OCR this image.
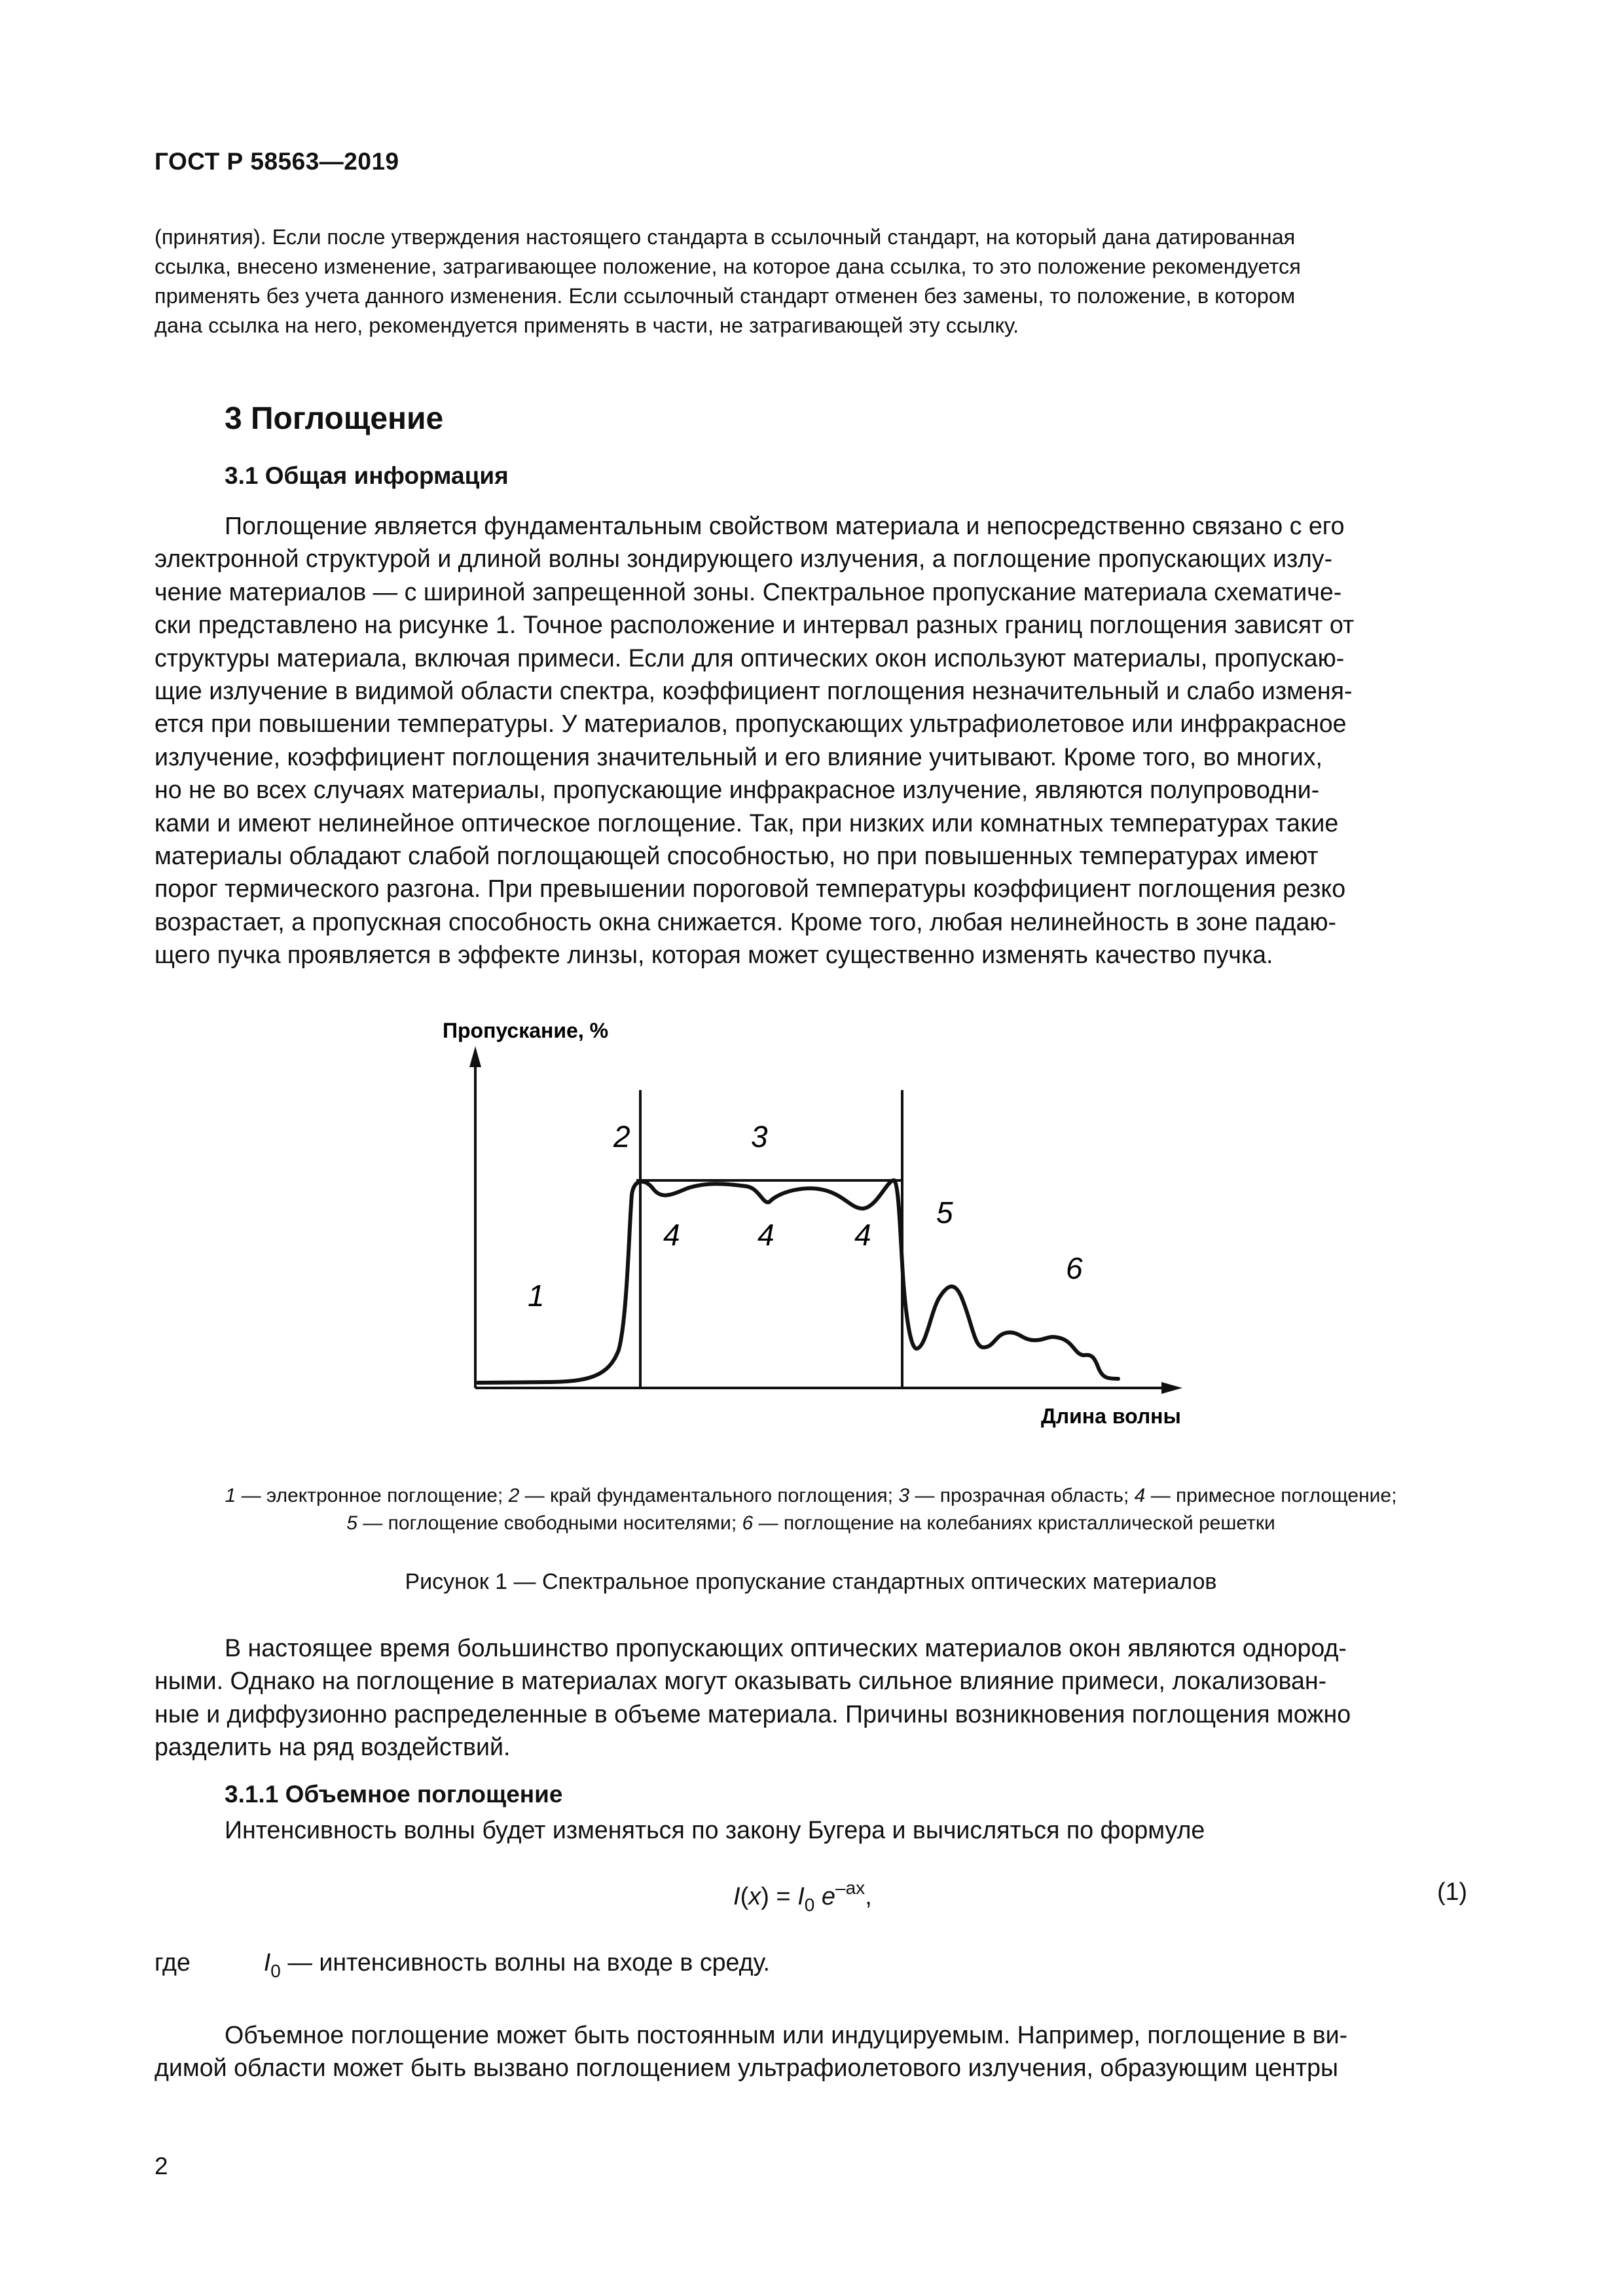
ГОСТ Р 58563—2019

(принятия). Если после утверждения настоящего стандарта в ссылочный стандарт, на который дана датированная

ссылка, внесено изменение, затрагивающее положение, на которое дана ссылка, то это положение рекомендуется

применять без учета данного изменения. Если ссылочный стандарт отменен без замены, то положение, в котором

дана ссылка на него, рекомендуется применять в части, не затрагивающей эту ссылку.

3 Поглощение
3.1 Общая информация

Поглощение является фундаментальным свойством материала и непосредственно связано с его

электронной структурой и длиной волны зондирующего излучения, а поглощение пропускающих излу-

чение материалов — с шириной запрещенной зоны. Спектральное пропускание материала схематиче-

ски представлено на рисунке 1. Точное расположение и интервал разных границ поглощения зависят от

структуры материала, включая примеси. Если для оптических окон используют материалы, пропускаю-

щие излучение в видимой области спектра, коэффициент поглощения незначительный и слабо изменя-

ется при повышении температуры. У материалов, пропускающих ультрафиолетовое или инфракрасное

излучение, коэффициент поглощения значительный и его влияние учитывают. Кроме того, во многих,

но не во всех случаях материалы, пропускающие инфракрасное излучение, являются полупроводни-

ками и имеют нелинейное оптическое поглощение. Так, при низких или комнатных температурах такие

материалы обладают слабой поглощающей способностью, но при повышенных температурах имеют

порог термического разгона. При превышении пороговой температуры коэффициент поглощения резко

возрастает, а пропускная способность окна снижается. Кроме того, любая нелинейность в зоне падаю-

щего пучка проявляется в эффекте линзы, которая может существенно изменять качество пучка.

Пропускание, %
Длина волны
1
2	3
4	4	4
5
6
1 — электронное поглощение; 2 — край фундаментального поглощения; 3 — прозрачная область; 4 — примесное поглощение;
5 — поглощение свободными носителями; 6 — поглощение на колебаниях кристаллической решетки
Рисунок 1 — Спектральное пропускание стандартных оптических материалов

В настоящее время большинство пропускающих оптических материалов окон являются однород-

ными. Однако на поглощение в материалах могут оказывать сильное влияние примеси, локализован-

ные и диффузионно распределенные в объеме материала. Причины возникновения поглощения можно

разделить на ряд воздействий.

3.1.1 Объемное поглощение
Интенсивность волны будет изменяться по закону Бугера и вычисляться по формуле
$I(x) = I_0$ $e^{-ax}$,	(1)
где	$I_0$ — интенсивность волны на входе в среду.

Объемное поглощение может быть постоянным или индуцируемым. Например, поглощение в ви-

димой области может быть вызвано поглощением ультрафиолетового излучения, образующим центры

2
